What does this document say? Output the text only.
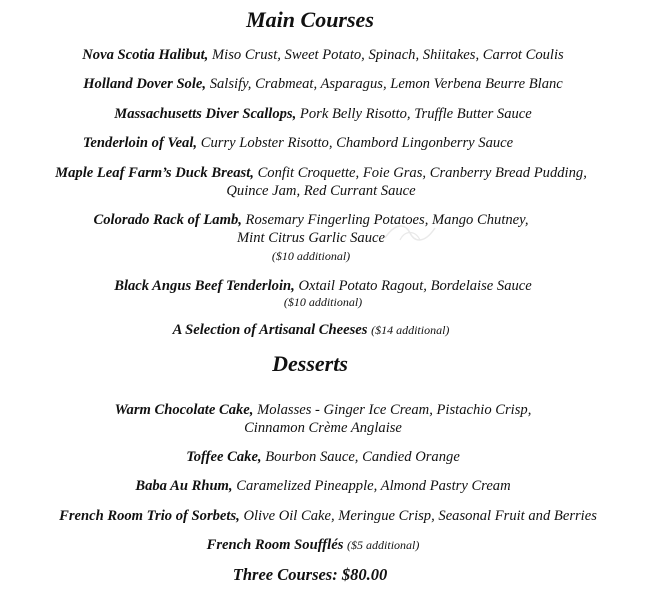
Main Courses
Nova Scotia Halibut, Miso Crust, Sweet Potato, Spinach, Shiitakes, Carrot Coulis
Holland Dover Sole, Salsify, Crabmeat, Asparagus, Lemon Verbena Beurre Blanc
Massachusetts Diver Scallops, Pork Belly Risotto, Truffle Butter Sauce
Tenderloin of Veal, Curry Lobster Risotto, Chambord Lingonberry Sauce
Maple Leaf Farm’s Duck Breast, Confit Croquette, Foie Gras, Cranberry Bread Pudding,
Quince Jam, Red Currant Sauce
Colorado Rack of Lamb, Rosemary Fingerling Potatoes, Mango Chutney,
Mint Citrus Garlic Sauce
($10 additional)
Black Angus Beef Tenderloin, Oxtail Potato Ragout, Bordelaise Sauce
($10 additional)
A Selection of Artisanal Cheeses ($14 additional)
Desserts
Warm Chocolate Cake, Molasses - Ginger Ice Cream, Pistachio Crisp,
Cinnamon Crème Anglaise
Toffee Cake, Bourbon Sauce, Candied Orange
Baba Au Rhum, Caramelized Pineapple, Almond Pastry Cream
French Room Trio of Sorbets, Olive Oil Cake, Meringue Crisp, Seasonal Fruit and Berries
French Room Soufflés ($5 additional)
Three Courses: $80.00
